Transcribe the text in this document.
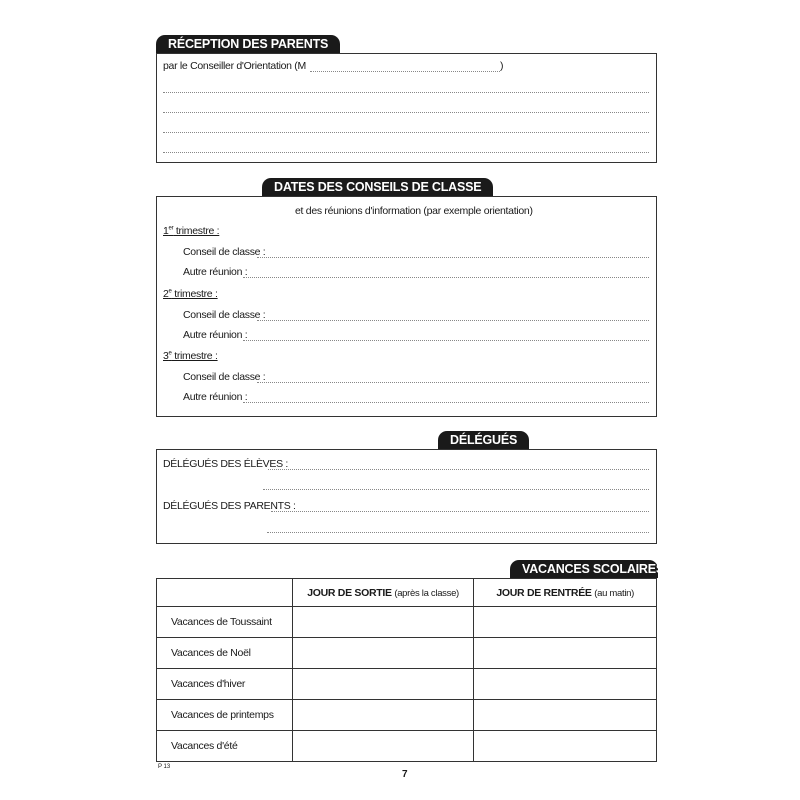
RÉCEPTION DES PARENTS
par le Conseiller d'Orientation (M	)
DATES DES CONSEILS DE CLASSE
et des réunions d'information (par exemple orientation)
1er trimestre :
Conseil de classe :
Autre réunion :
2e trimestre :
Conseil de classe :
Autre réunion :
3e trimestre :
Conseil de classe :
Autre réunion :
DÉLÉGUÉS
DÉLÉGUÉS DES ÉLÈVES :
DÉLÉGUÉS DES PARENTS :
VACANCES SCOLAIRES
	JOUR DE SORTIE (après la classe)	JOUR DE RENTRÉE (au matin)
Vacances de Toussaint		
Vacances de Noël		
Vacances d'hiver		
Vacances de printemps		
Vacances d'été		
P 13
7
